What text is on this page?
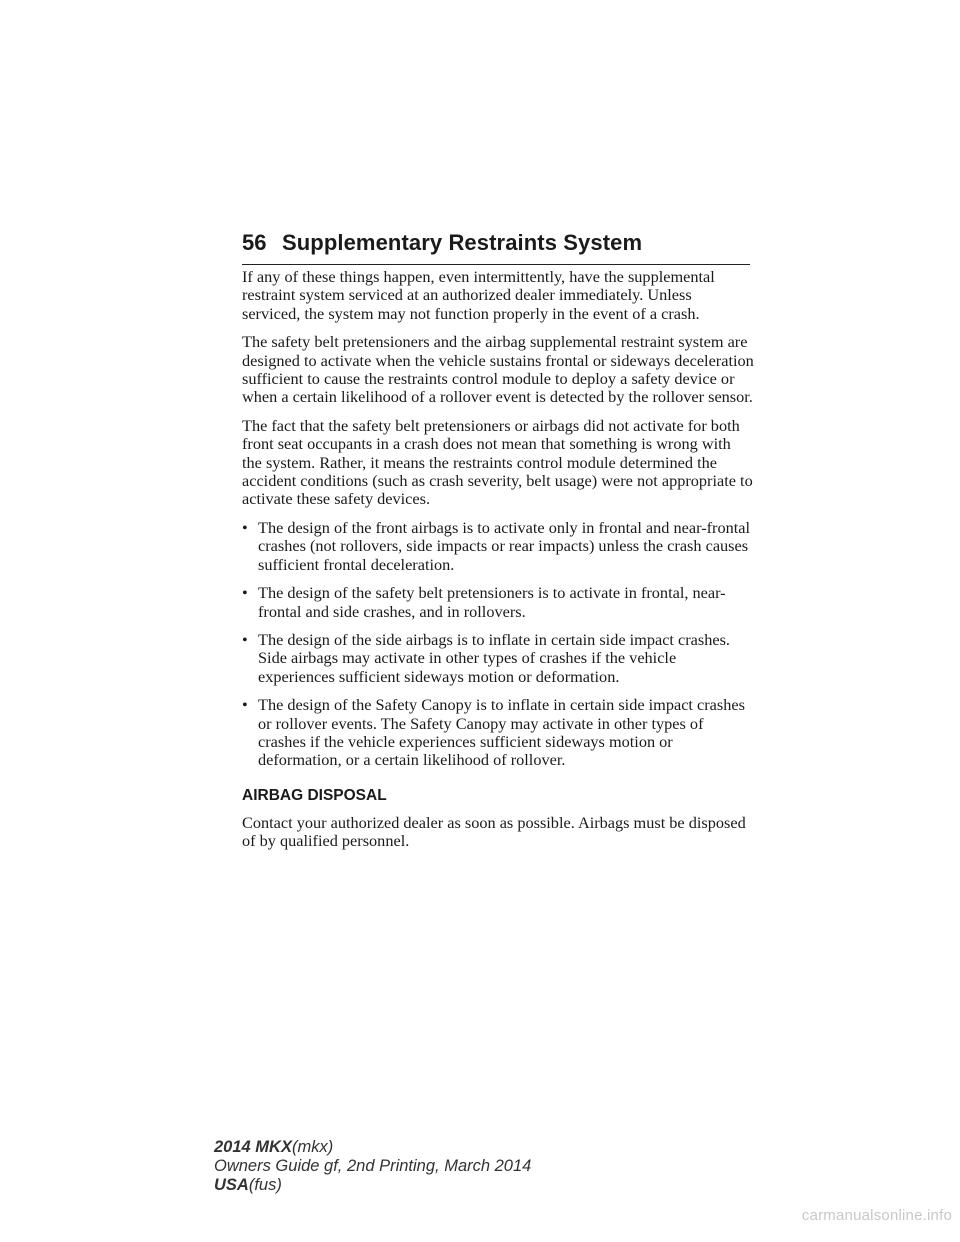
56 Supplementary Restraints System

If any of these things happen, even intermittently, have the supplemental restraint system serviced at an authorized dealer immediately. Unless serviced, the system may not function properly in the event of a crash.

The safety belt pretensioners and the airbag supplemental restraint system are designed to activate when the vehicle sustains frontal or sideways deceleration sufficient to cause the restraints control module to deploy a safety device or when a certain likelihood of a rollover event is detected by the rollover sensor.

The fact that the safety belt pretensioners or airbags did not activate for both front seat occupants in a crash does not mean that something is wrong with the system. Rather, it means the restraints control module determined the accident conditions (such as crash severity, belt usage) were not appropriate to activate these safety devices.

• The design of the front airbags is to activate only in frontal and near-frontal crashes (not rollovers, side impacts or rear impacts) unless the crash causes sufficient frontal deceleration.
• The design of the safety belt pretensioners is to activate in frontal, near-frontal and side crashes, and in rollovers.
• The design of the side airbags is to inflate in certain side impact crashes. Side airbags may activate in other types of crashes if the vehicle experiences sufficient sideways motion or deformation.
• The design of the Safety Canopy is to inflate in certain side impact crashes or rollover events. The Safety Canopy may activate in other types of crashes if the vehicle experiences sufficient sideways motion or deformation, or a certain likelihood of rollover.
AIRBAG DISPOSAL

Contact your authorized dealer as soon as possible. Airbags must be disposed of by qualified personnel.

2014 MKX(mkx)
Owners Guide gf, 2nd Printing, March 2014
USA(fus)
carmanualsonline.info
